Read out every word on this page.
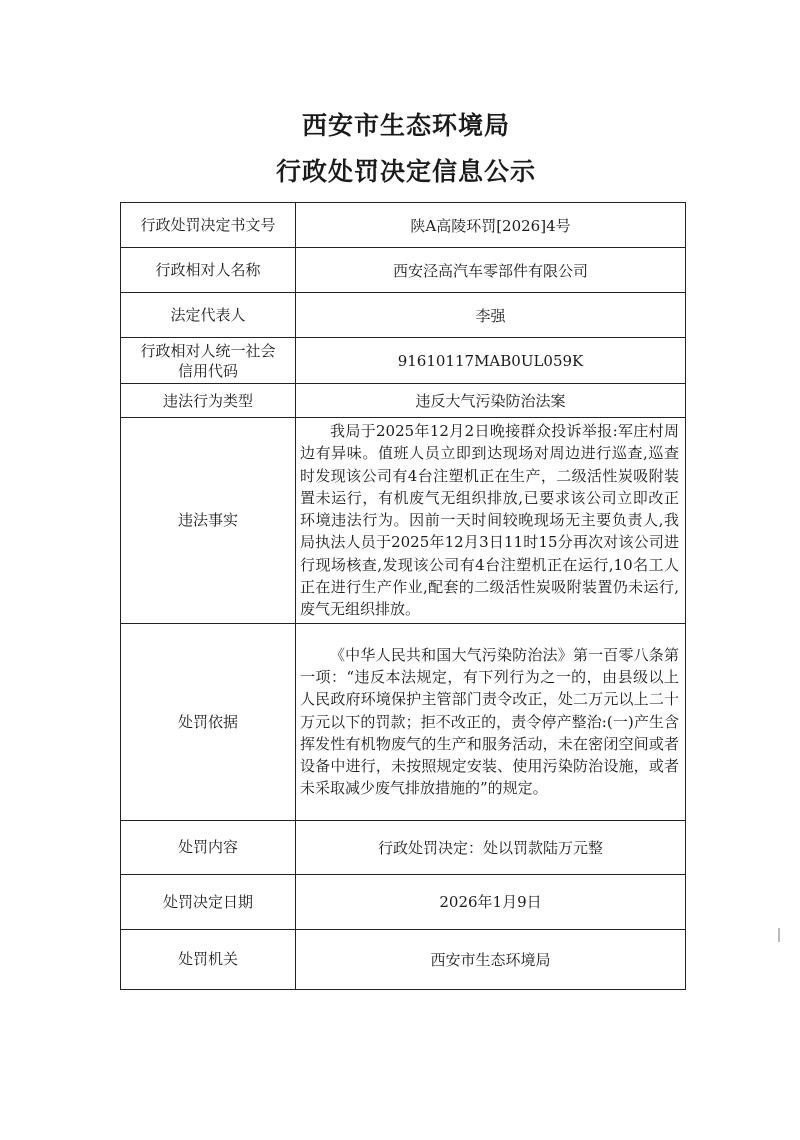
西安市生态环境局
行政处罚决定信息公示
行政处罚决定书文号	陕A高陵环罚[2026]4号
行政相对人名称	西安泾高汽车零部件有限公司
法定代表人	李强
行政相对人统一社会信用代码	91610117MAB0UL059K
违法行为类型	违反大气污染防治法案
违法事实	我局于2025年12月2日晚接群众投诉举报:军庄村周边有异味。值班人员立即到达现场对周边进行巡查,巡查时发现该公司有4台注塑机正在生产，二级活性炭吸附装置未运行，有机废气无组织排放,已要求该公司立即改正环境违法行为。因前一天时间较晚现场无主要负责人,我局执法人员于2025年12月3日11时15分再次对该公司进行现场核查,发现该公司有4台注塑机正在运行,10名工人正在进行生产作业,配套的二级活性炭吸附装置仍未运行,废气无组织排放。

处罚依据	《中华人民共和国大气污染防治法》第一百零八条第一项：“违反本法规定，有下列行为之一的，由县级以上人民政府环境保护主管部门责令改正，处二万元以上二十万元以下的罚款；拒不改正的，责令停产整治:(一)产生含挥发性有机物废气的生产和服务活动，未在密闭空间或者设备中进行，未按照规定安装、使用污染防治设施，或者未采取减少废气排放措施的”的规定。

处罚内容	行政处罚决定：处以罚款陆万元整
处罚决定日期	2026年1月9日
处罚机关	西安市生态环境局
